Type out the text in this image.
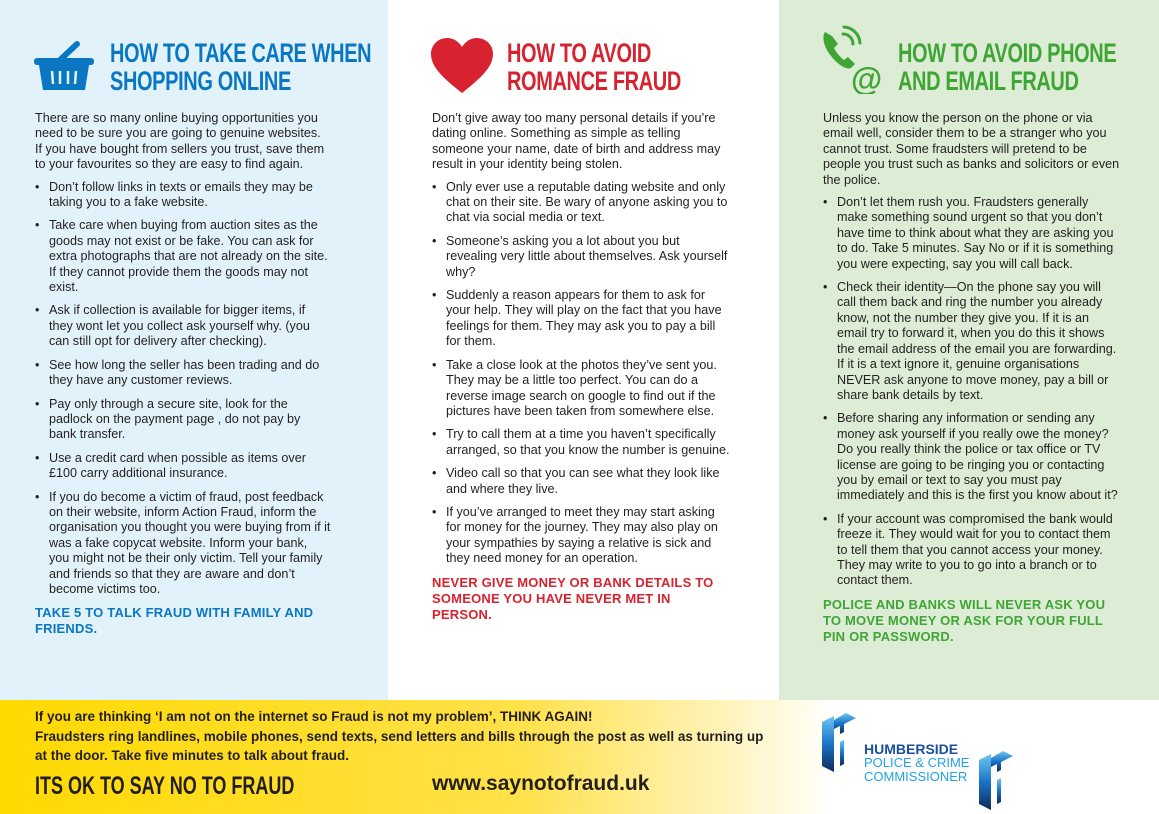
HOW TO TAKE CARE WHEN
SHOPPING ONLINE

There are so many online buying opportunities you need to be sure you are going to genuine websites. If you have bought from sellers you trust, save them to your favourites so they are easy to find again.

• Don’t follow links in texts or emails they may be taking you to a fake website.
• Take care when buying from auction sites as the goods may not exist or be fake. You can ask for extra photographs that are not already on the site. If they cannot provide them the goods may not exist.
• Ask if collection is available for bigger items, if they wont let you collect ask yourself why. (you can still opt for delivery after checking).
• See how long the seller has been trading and do they have any customer reviews.
• Pay only through a secure site, look for the padlock on the payment page , do not pay by bank transfer.
• Use a credit card when possible as items over £100 carry additional insurance.
• If you do become a victim of fraud, post feedback on their website, inform Action Fraud, inform the organisation you thought you were buying from if it was a fake copycat website. Inform your bank, you might not be their only victim. Tell your family and friends so that they are aware and don’t become victims too.
TAKE 5 TO TALK FRAUD WITH FAMILY AND FRIENDS.
HOW TO AVOID
ROMANCE FRAUD

Don’t give away too many personal details if you’re dating online. Something as simple as telling someone your name, date of birth and address may result in your identity being stolen.

• Only ever use a reputable dating website and only chat on their site. Be wary of anyone asking you to chat via social media or text.
• Someone’s asking you a lot about you but revealing very little about themselves. Ask yourself why?
• Suddenly a reason appears for them to ask for your help. They will play on the fact that you have feelings for them. They may ask you to pay a bill for them.
• Take a close look at the photos they’ve sent you. They may be a little too perfect. You can do a reverse image search on google to find out if the pictures have been taken from somewhere else.
• Try to call them at a time you haven’t specifically arranged, so that you know the number is genuine.
• Video call so that you can see what they look like and where they live.
• If you’ve arranged to meet they may start asking for money for the journey. They may also play on your sympathies by saying a relative is sick and they need money for an operation.
NEVER GIVE MONEY OR BANK DETAILS TO SOMEONE YOU HAVE NEVER MET IN PERSON.
@
HOW TO AVOID PHONE
AND EMAIL FRAUD

Unless you know the person on the phone or via email well, consider them to be a stranger who you cannot trust. Some fraudsters will pretend to be people you trust such as banks and solicitors or even the police.

• Don’t let them rush you. Fraudsters generally make something sound urgent so that you don’t have time to think about what they are asking you to do. Take 5 minutes. Say No or if it is something you were expecting, say you will call back.
• Check their identity—On the phone say you will call them back and ring the number you already know, not the number they give you. If it is an email try to forward it, when you do this it shows the email address of the email you are forwarding. If it is a text ignore it, genuine organisations NEVER ask anyone to move money, pay a bill or share bank details by text.
• Before sharing any information or sending any money ask yourself if you really owe the money? Do you really think the police or tax office or TV license are going to be ringing you or contacting you by email or text to say you must pay immediately and this is the first you know about it?
• If your account was compromised the bank would freeze it. They would wait for you to contact them to tell them that you cannot access your money. They may write to you to go into a branch or to contact them.
POLICE AND BANKS WILL NEVER ASK YOU TO MOVE MONEY OR ASK FOR YOUR FULL PIN OR PASSWORD.
If you are thinking ‘I am not on the internet so Fraud is not my problem’, THINK AGAIN!
Fraudsters ring landlines, mobile phones, send texts, send letters and bills through the post as well as turning up at the door. Take five minutes to talk about fraud.
ITS OK TO SAY NO TO FRAUD	www.saynotofraud.uk
HUMBERSIDE
POLICE & CRIME
COMMISSIONER
